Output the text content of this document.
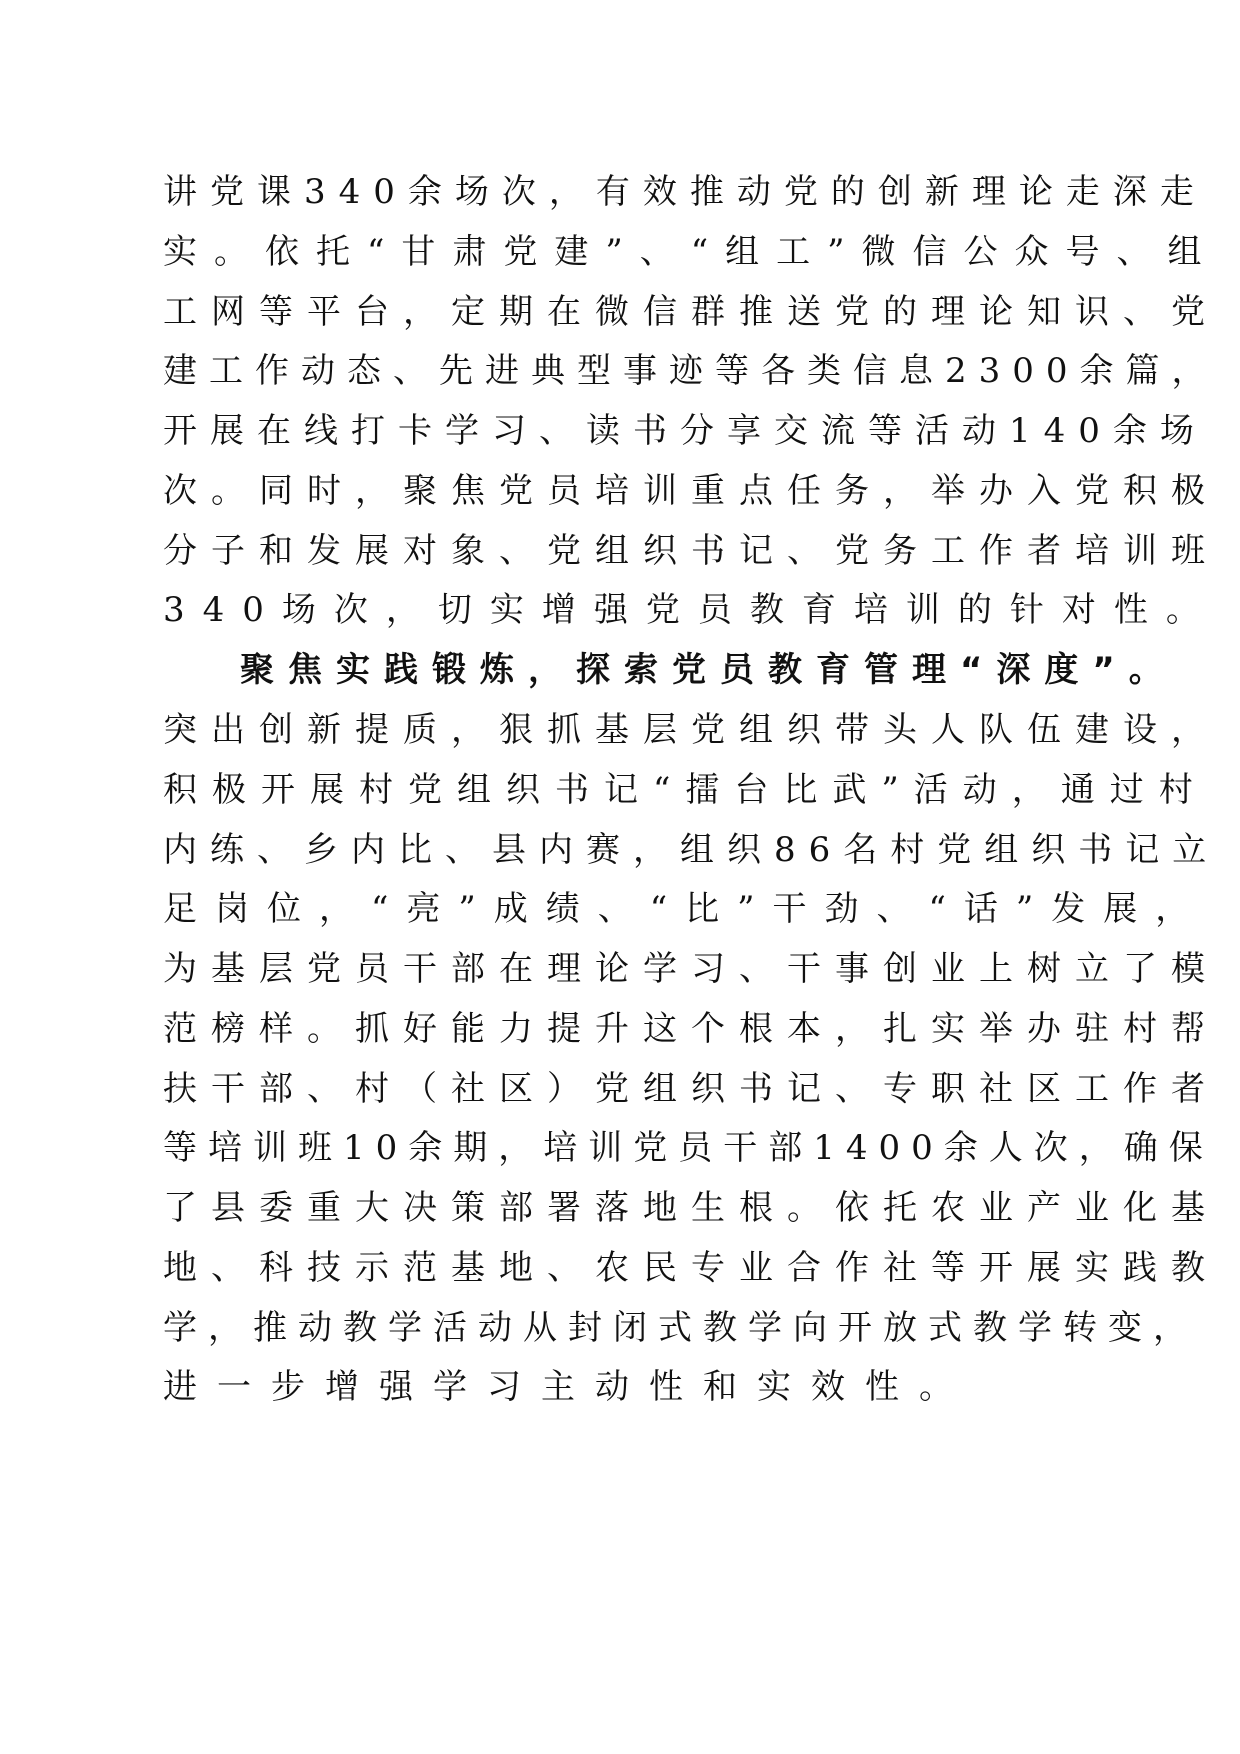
讲党课340余场次，有效推动党的创新理论走深走
实。依托“甘肃党建”、“组工”微信公众号、组
工网等平台，定期在微信群推送党的理论知识、党
建工作动态、先进典型事迹等各类信息2300余篇，
开展在线打卡学习、读书分享交流等活动140余场
次。同时，聚焦党员培训重点任务，举办入党积极
分子和发展对象、党组织书记、党务工作者培训班
340场次，切实增强党员教育培训的针对性。
聚焦实践锻炼，探索党员教育管理“深度”。
突出创新提质，狠抓基层党组织带头人队伍建设，
积极开展村党组织书记“擂台比武”活动，通过村
内练、乡内比、县内赛，组织86名村党组织书记立
足岗位，“亮”成绩、“比”干劲、“话”发展，
为基层党员干部在理论学习、干事创业上树立了模
范榜样。抓好能力提升这个根本，扎实举办驻村帮
扶干部、村（社区）党组织书记、专职社区工作者
等培训班10余期，培训党员干部1400余人次，确保
了县委重大决策部署落地生根。依托农业产业化基
地、科技示范基地、农民专业合作社等开展实践教
学，推动教学活动从封闭式教学向开放式教学转变，
进一步增强学习主动性和实效性。
